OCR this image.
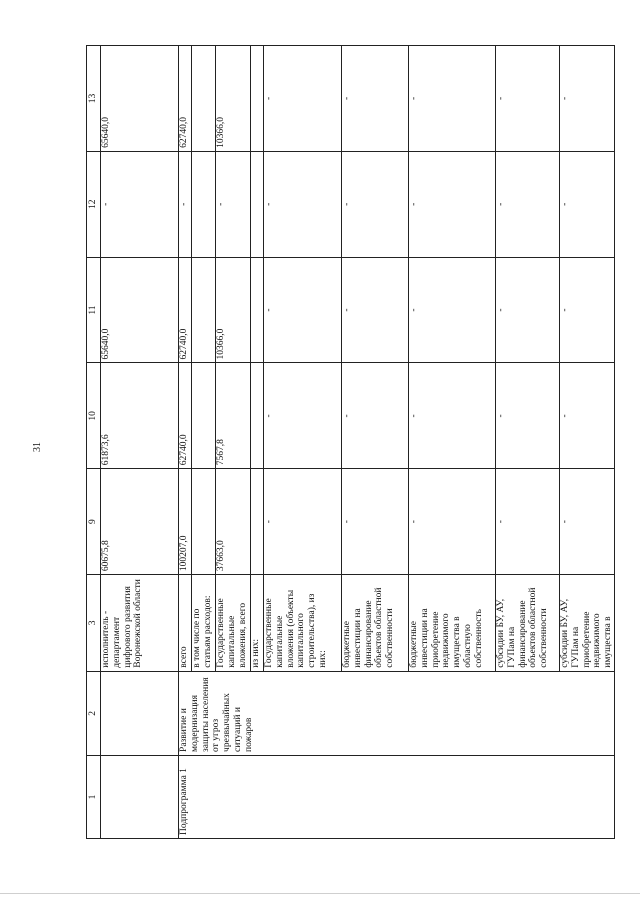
31
1	2	3	9	10	11	12	13
		исполнитель - департамент цифрового развития Воронежской области	60675,8	61873,6	65640,0	-	65640,0
Подпрограмма 1	Развитие и модернизация защиты населения от угроз чрезвычайных ситуаций и пожаров	всего	100207,0	62740,0	62740,0	-	62740,0
		в том числе по статьям расходов:					
		Государственные капитальные вложения, всего	37663,0	7567,8	10366,0	-	10366,0
		из них:					
		Государственные капитальные вложения (объекты капитального строительства), из них:	-	-	-	-	-
		бюджетные инвестиции на финансирование объектов областной собственности	-	-	-	-	-
		бюджетные инвестиции на приобретение недвижимого имущества в областную собственность	-	-	-	-	-
		субсидии БУ, АУ, ГУПам на финансирование объектов областной собственности	-	-	-	-	-
		субсидии БУ, АУ, ГУПам на приобретение недвижимого имущества в	-	-	-	-	-
